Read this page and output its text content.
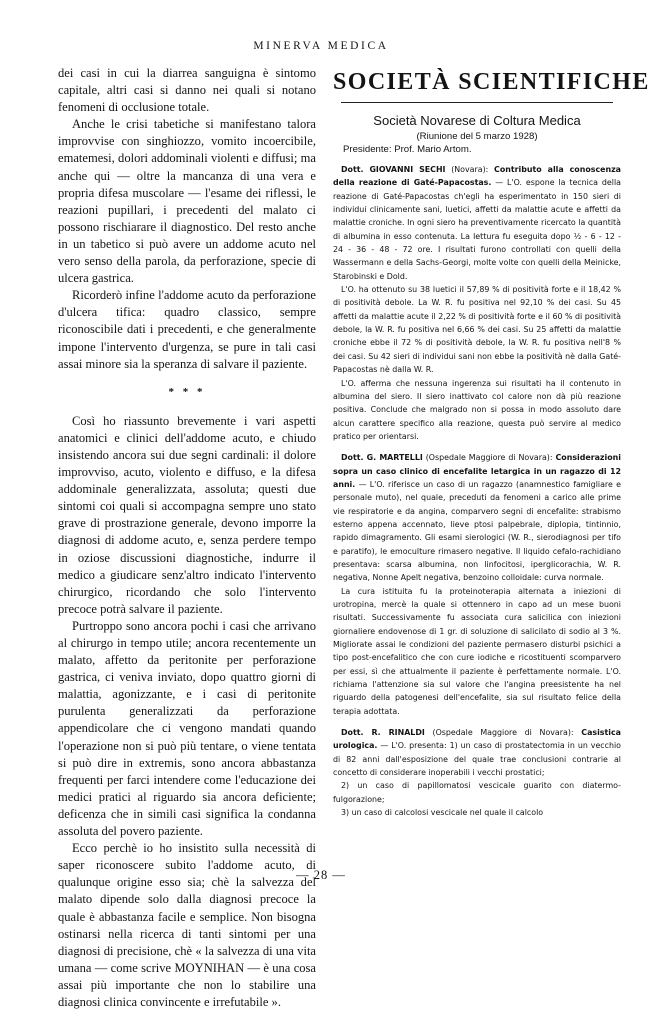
MINERVA MEDICA

dei casi in cui la diarrea sanguigna è sintomo capitale, altri casi si danno nei quali si notano fenomeni di occlusione totale.

Anche le crisi tabetiche si manifestano talora improvvise con singhiozzo, vomito incoercibile, ematemesi, dolori addominali violenti e diffusi; ma anche qui — oltre la mancanza di una vera e propria difesa muscolare — l'esame dei riflessi, le reazioni pupillari, i precedenti del malato ci possono rischiarare il diagnostico. Del resto anche in un tabetico si può avere un addome acuto nel vero senso della parola, da perforazione, specie di ulcera gastrica.

Ricorderò infine l'addome acuto da perforazione d'ulcera tifica: quadro classico, sempre riconoscibile dati i precedenti, e che generalmente impone l'intervento d'urgenza, se pure in tali casi assai minore sia la speranza di salvare il paziente.

* * *

Così ho riassunto brevemente i vari aspetti anatomici e clinici dell'addome acuto, e chiudo insistendo ancora sui due segni cardinali: il dolore improvviso, acuto, violento e diffuso, e la difesa addominale generalizzata, assoluta; questi due sintomi coi quali si accompagna sempre uno stato grave di prostrazione generale, devono imporre la diagnosi di addome acuto, e, senza perdere tempo in oziose discussioni diagnostiche, indurre il medico a giudicare senz'altro indicato l'intervento chirurgico, ricordando che solo l'intervento precoce potrà salvare il paziente.

Purtroppo sono ancora pochi i casi che arrivano al chirurgo in tempo utile; ancora recentemente un malato, affetto da peritonite per perforazione gastrica, ci veniva inviato, dopo quattro giorni di malattia, agonizzante, e i casi di peritonite purulenta generalizzati da perforazione appendicolare che ci vengono mandati quando l'operazione non si può più tentare, o viene tentata si può dire in extremis, sono ancora abbastanza frequenti per farci intendere come l'educazione dei medici pratici al riguardo sia ancora deficiente; deficenza che in simili casi significa la condanna assoluta del povero paziente.

Ecco perchè io ho insistito sulla necessità di saper riconoscere subito l'addome acuto, di qualunque origine esso sia; chè la salvezza del malato dipende solo dalla diagnosi precoce la quale è abbastanza facile e semplice. Non bisogna ostinarsi nella ricerca di tanti sintomi per una diagnosi di precisione, chè « la salvezza di una vita umana — come scrive MOYNIHAN — è una cosa assai più importante che non lo stabilire una diagnosi clinica convincente e irrefutabile ».

SOCIETÀ SCIENTIFICHE
Società Novarese di Coltura Medica
(Riunione del 5 marzo 1928)
Presidente: Prof. Mario Artom.

Dott. GIOVANNI SECHI (Novara): Contributo alla conoscenza della reazione di Gaté-Papacostas. — L'O. espone la tecnica della reazione di Gaté-Papacostas ch'egli ha esperimentato in 150 sieri di individui clinicamente sani, luetici, affetti da malattie acute e affetti da malattie croniche. In ogni siero ha preventivamente ricercato la quantità di albumina in esso contenuta. La lettura fu eseguita dopo ½ - 6 - 12 - 24 - 36 - 48 - 72 ore. I risultati furono controllati con quelli della Wassermann e della Sachs-Georgi, molte volte con quelli della Meinicke, Starobinski e Dold.

L'O. ha ottenuto su 38 luetici il 57,89 % di positività forte e il 18,42 % di positività debole. La W. R. fu positiva nel 92,10 % dei casi. Su 45 affetti da malattie acute il 2,22 % di positività forte e il 60 % di positività debole, la W. R. fu positiva nel 6,66 % dei casi. Su 25 affetti da malattie croniche ebbe il 72 % di positività debole, la W. R. fu positiva nell'8 % dei casi. Su 42 sieri di individui sani non ebbe la positività nè dalla Gaté-Papacostas nè dalla W. R.

L'O. afferma che nessuna ingerenza sui risultati ha il contenuto in albumina del siero. Il siero inattivato col calore non dà più reazione positiva. Conclude che malgrado non si possa in modo assoluto dare alcun carattere specifico alla reazione, questa può servire al medico pratico per orientarsi.

Dott. G. MARTELLI (Ospedale Maggiore di Novara): Considerazioni sopra un caso clinico di encefalite letargica in un ragazzo di 12 anni. — L'O. riferisce un caso di un ragazzo (anamnestico famigliare e personale muto), nel quale, preceduti da fenomeni a carico alle prime vie respiratorie e da angina, comparvero segni di encefalite: strabismo esterno appena accennato, lieve ptosi palpebrale, diplopia, tintinnio, rapido dimagramento. Gli esami sierologici (W. R., sierodiagnosi per tifo e paratifo), le emoculture rimasero negative. Il liquido cefalo-rachidiano presentava: scarsa albumina, non linfocitosi, iperglicorachia, W. R. negativa, Nonne Apelt negativa, benzoino colloidale: curva normale.

La cura istituita fu la proteinoterapia alternata a iniezioni di urotropina, mercè la quale si ottennero in capo ad un mese buoni risultati. Successivamente fu associata cura salicilica con iniezioni giornaliere endovenose di 1 gr. di soluzione di salicilato di sodio al 3 %. Migliorate assai le condizioni del paziente permasero disturbi psichici a tipo post-encefalitico che con cure iodiche e ricostituenti scomparvero per essi, sì che attualmente il paziente è perfettamente normale. L'O. richiama l'attenzione sia sul valore che l'angina preesistente ha nel riguardo della patogenesi dell'encefalite, sia sul risultato felice della terapia adottata.

Dott. R. RINALDI (Ospedale Maggiore di Novara): Casistica urologica. — L'O. presenta: 1) un caso di prostatectomia in un vecchio di 82 anni dall'esposizione del quale trae conclusioni contrarie al concetto di considerare inoperabili i vecchi prostatici;

2) un caso di papillomatosi vescicale guarito con diatermo-fulgorazione;

3) un caso di calcolosi vescicale nel quale il calcolo

— 28 —
